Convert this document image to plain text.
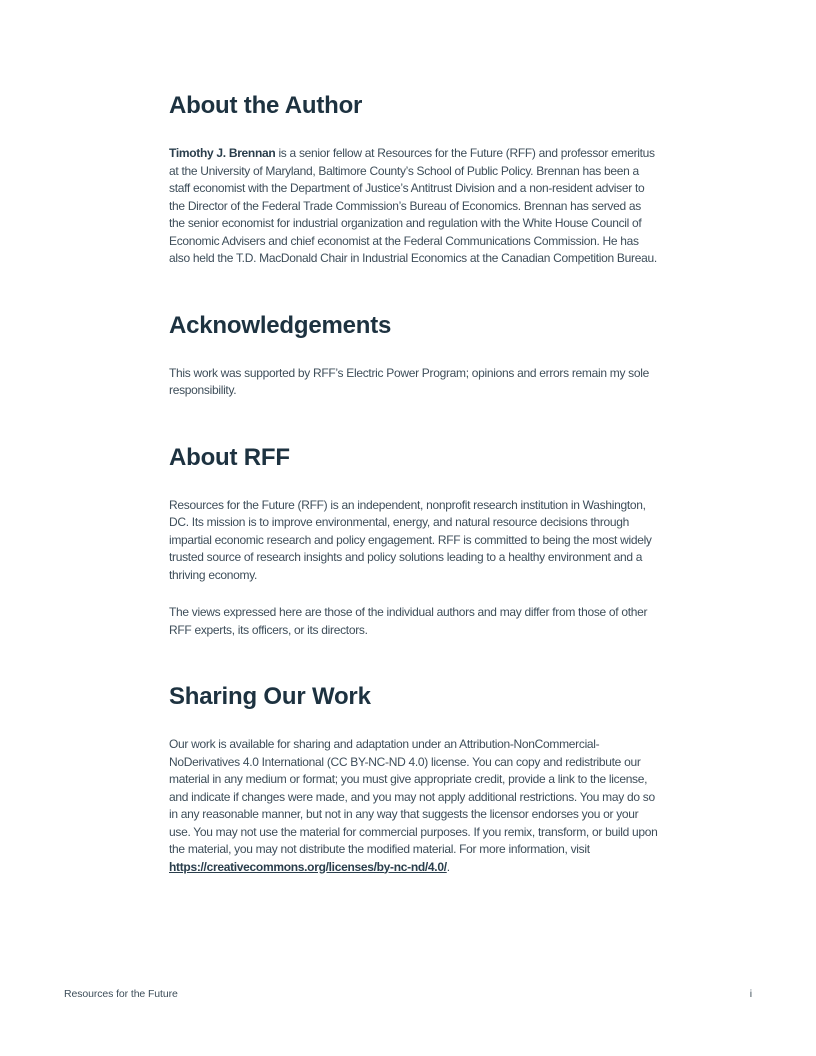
About the Author

Timothy J. Brennan is a senior fellow at Resources for the Future (RFF) and professor emeritus at the University of Maryland, Baltimore County’s School of Public Policy. Brennan has been a staff economist with the Department of Justice’s Antitrust Division and a non-resident adviser to the Director of the Federal Trade Commission’s Bureau of Economics. Brennan has served as the senior economist for industrial organization and regulation with the White House Council of Economic Advisers and chief economist at the Federal Communications Commission. He has also held the T.D. MacDonald Chair in Industrial Economics at the Canadian Competition Bureau.

Acknowledgements

This work was supported by RFF’s Electric Power Program; opinions and errors remain my sole responsibility.

About RFF

Resources for the Future (RFF) is an independent, nonprofit research institution in Washington, DC. Its mission is to improve environmental, energy, and natural resource decisions through impartial economic research and policy engagement. RFF is committed to being the most widely trusted source of research insights and policy solutions leading to a healthy environment and a thriving economy.

The views expressed here are those of the individual authors and may differ from those of other RFF experts, its officers, or its directors.

Sharing Our Work

Our work is available for sharing and adaptation under an Attribution-NonCommercial-NoDerivatives 4.0 International (CC BY-NC-ND 4.0) license. You can copy and redistribute our material in any medium or format; you must give appropriate credit, provide a link to the license, and indicate if changes were made, and you may not apply additional restrictions. You may do so in any reasonable manner, but not in any way that suggests the licensor endorses you or your use. You may not use the material for commercial purposes. If you remix, transform, or build upon the material, you may not distribute the modified material. For more information, visit https://creativecommons.org/licenses/by-nc-nd/4.0/.

Resources for the Future	i
